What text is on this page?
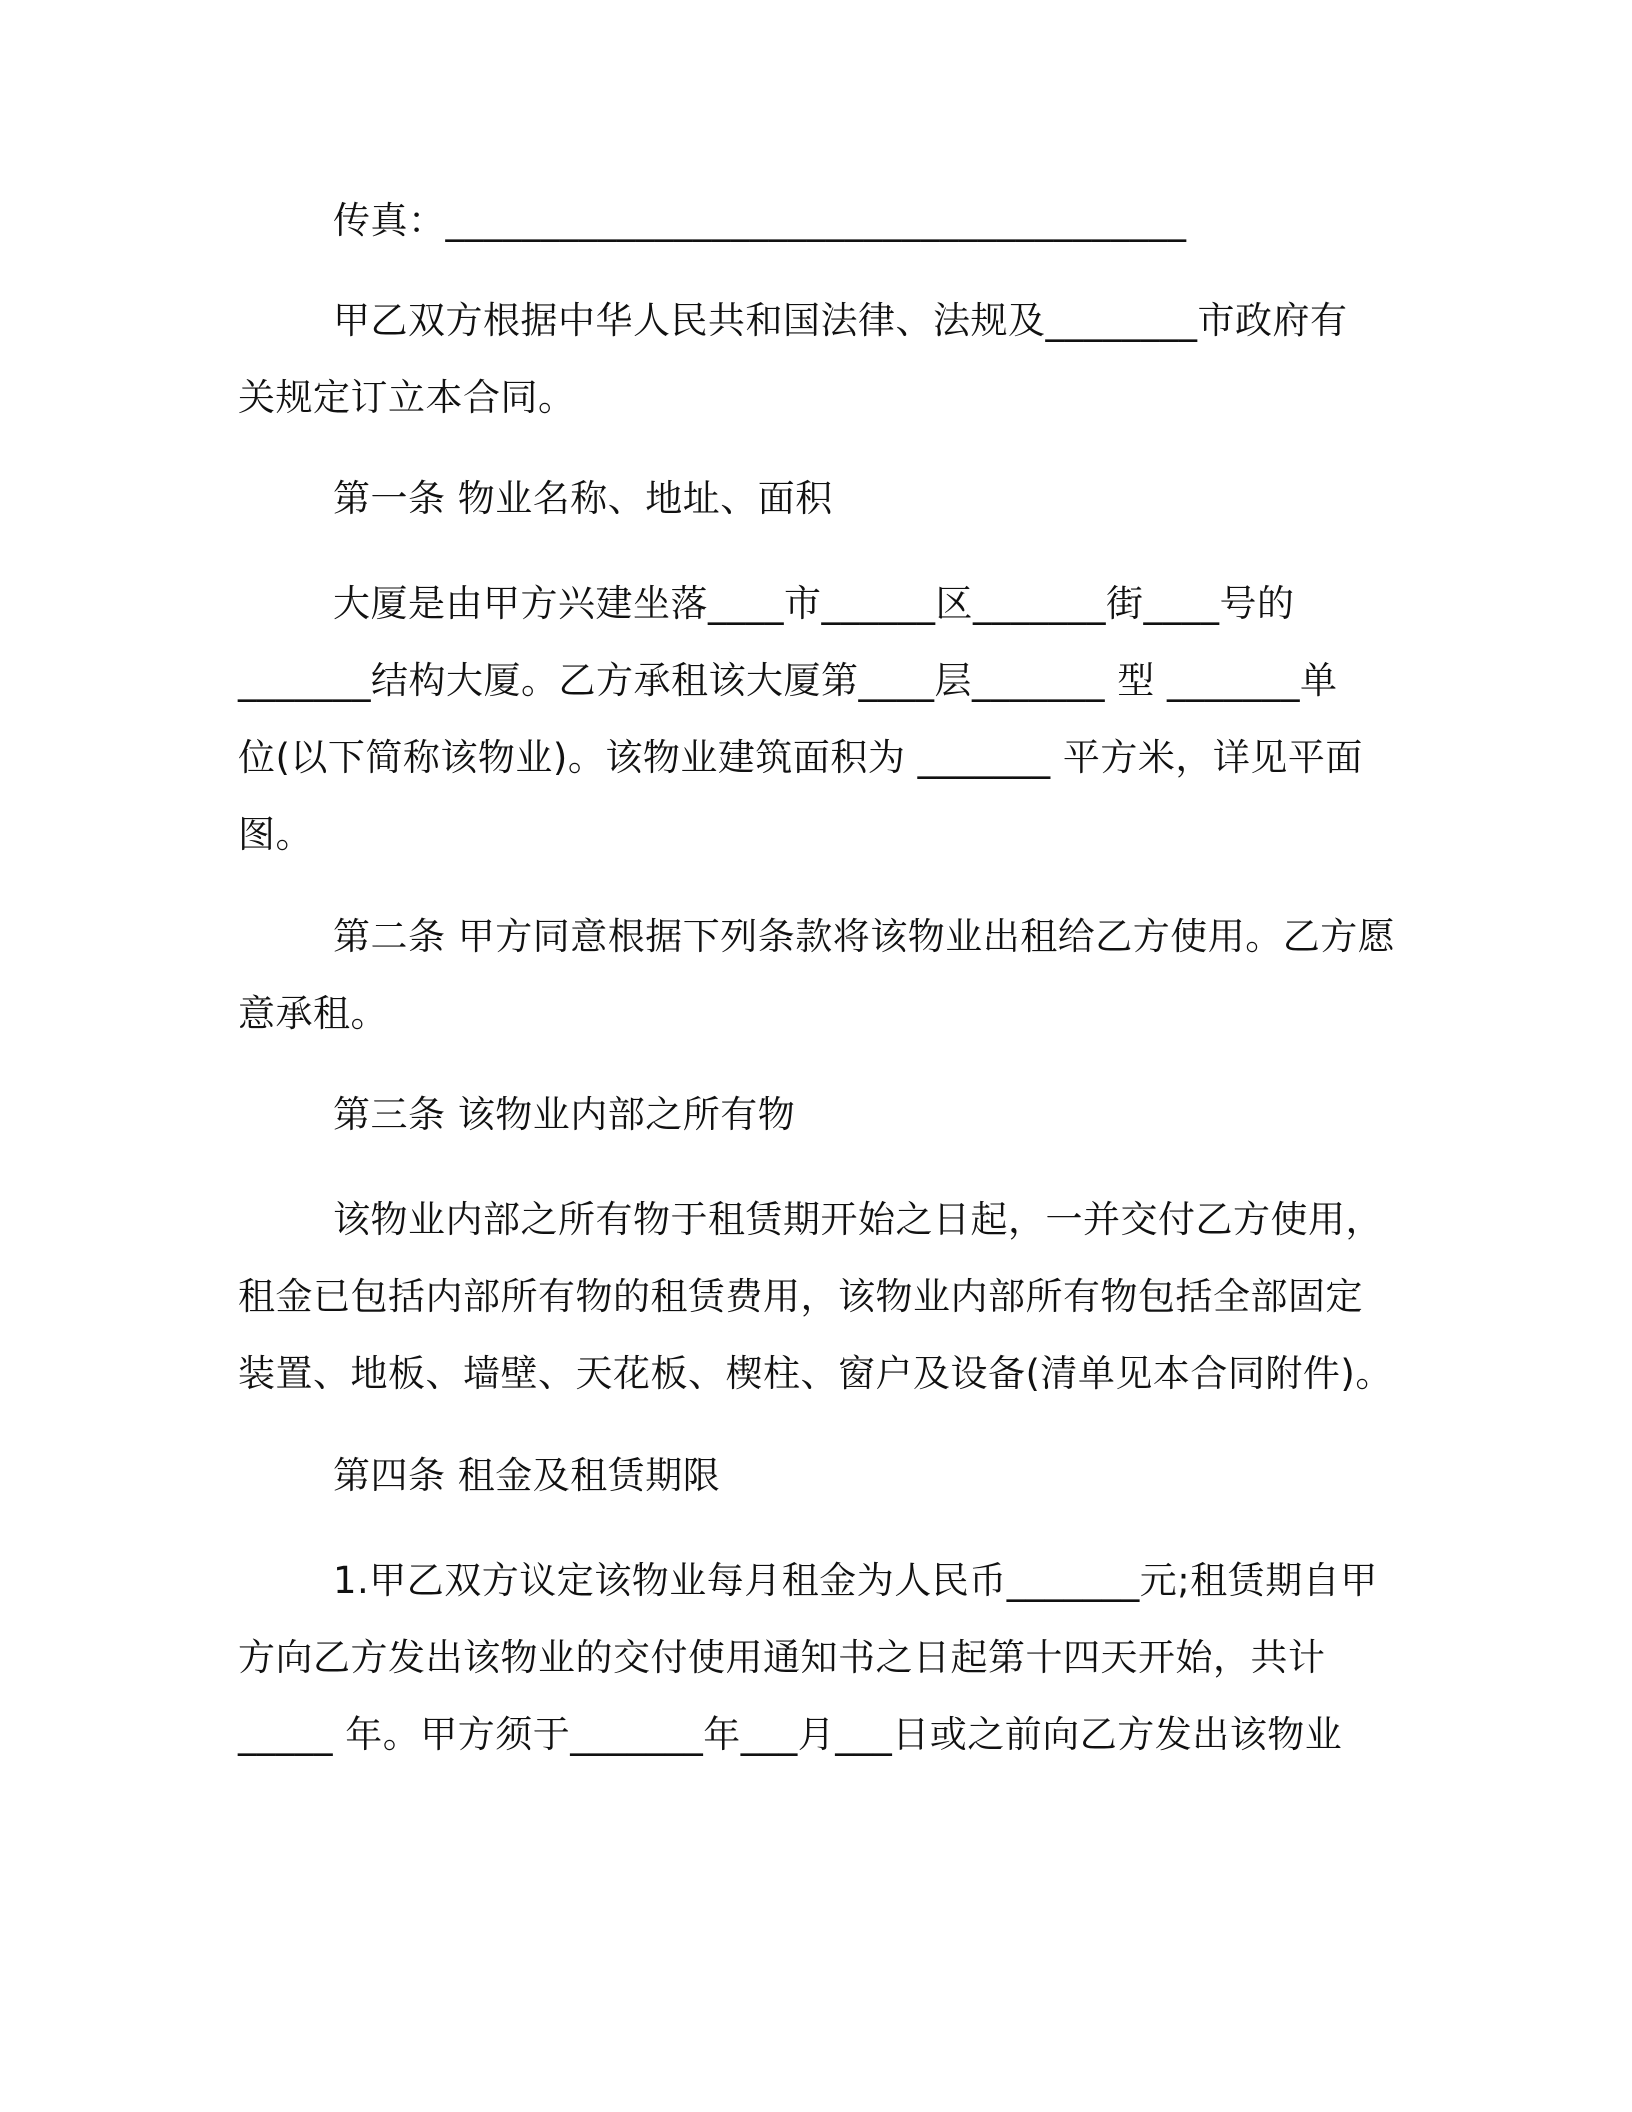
传真：_______________________________________
甲乙双方根据中华人民共和国法律、法规及________市政府有
关规定订立本合同。
第一条 物业名称、地址、面积
大厦是由甲方兴建坐落____市______区_______街____号的
_______结构大厦。乙方承租该大厦第____层_______ 型 _______单
位(以下简称该物业)。该物业建筑面积为 _______ 平方米，详见平面
图。
第二条 甲方同意根据下列条款将该物业出租给乙方使用。乙方愿
意承租。
第三条 该物业内部之所有物
该物业内部之所有物于租赁期开始之日起，一并交付乙方使用，
租金已包括内部所有物的租赁费用，该物业内部所有物包括全部固定
装置、地板、墙壁、天花板、楔柱、窗户及设备(清单见本合同附件)。
第四条 租金及租赁期限
1.甲乙双方议定该物业每月租金为人民币_______元;租赁期自甲
方向乙方发出该物业的交付使用通知书之日起第十四天开始，共计
_____ 年。甲方须于_______年___月___日或之前向乙方发出该物业
